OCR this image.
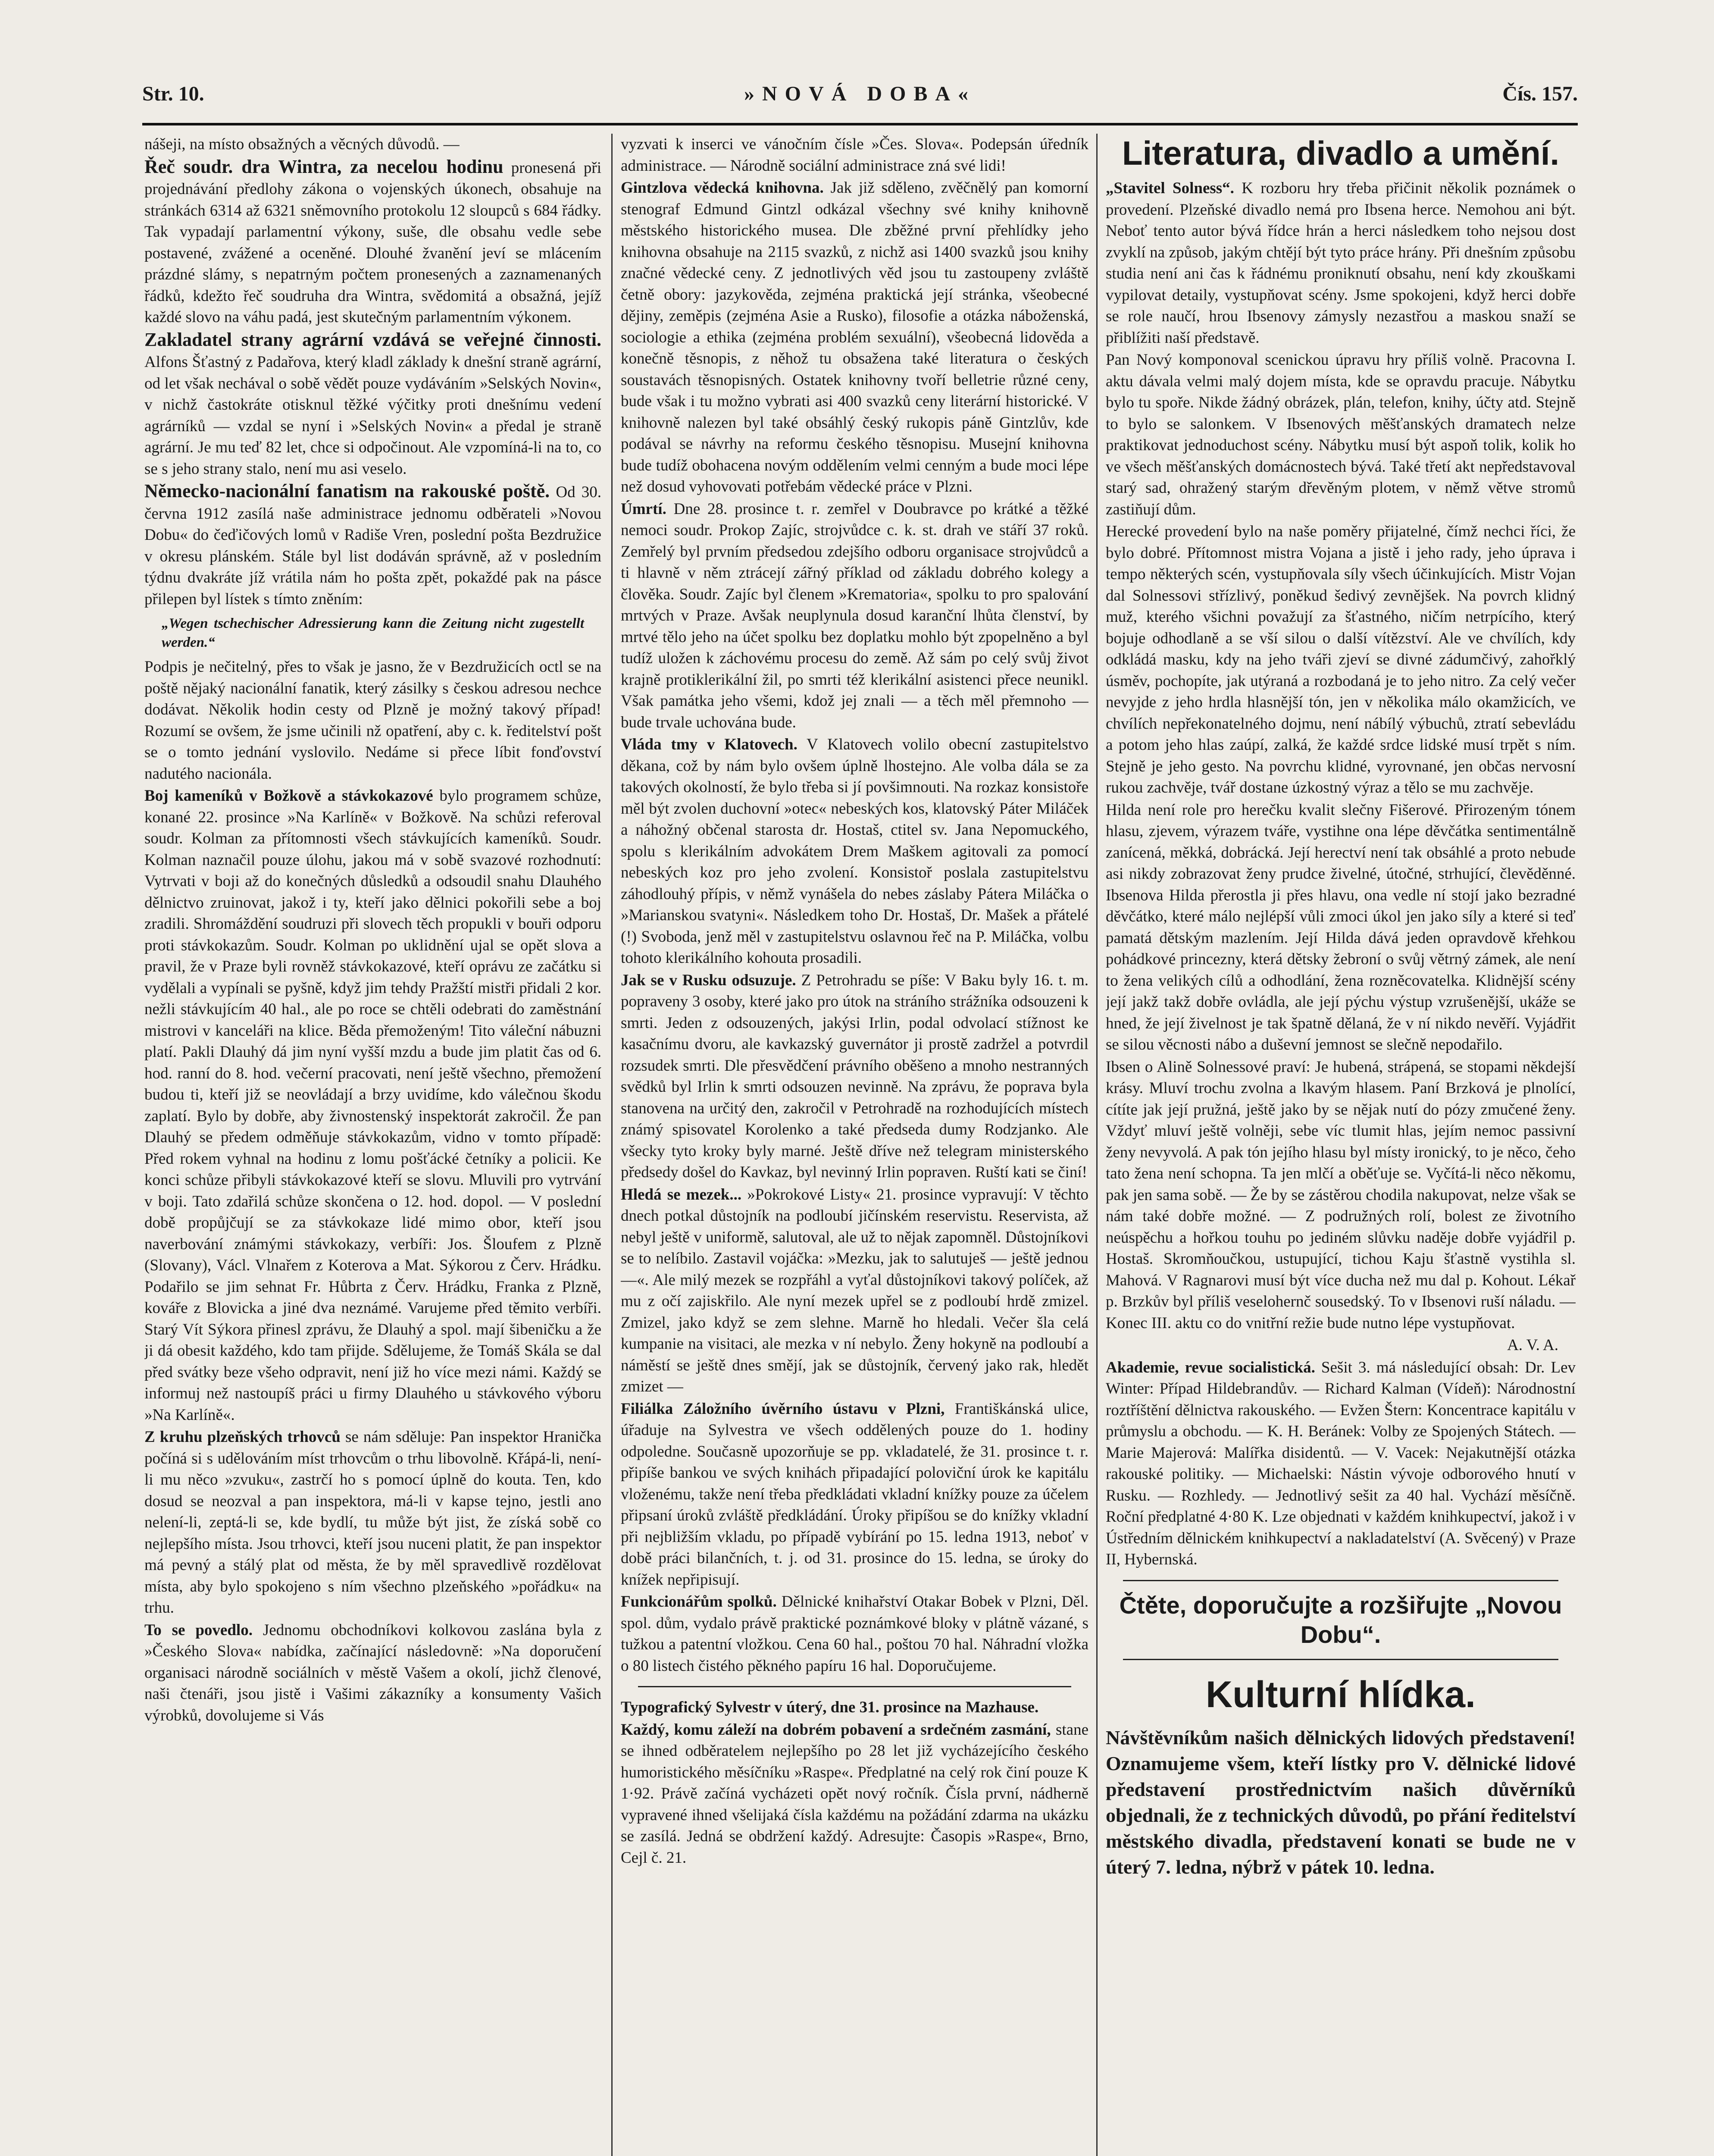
Str. 10.	»NOVÁ DOBA«	Čís. 157.

nášeji, na místo obsažných a věcných důvodů. —

Řeč soudr. dra Wintra, za necelou hodinu pronesená při projednávání předlohy zákona o vojenských úkonech, obsahuje na stránkách 6314 až 6321 sněmovního protokolu 12 sloupců s 684 řádky. Tak vypadají parlamentní výkony, suše, dle obsahu vedle sebe postavené, zvážené a oceněné. Dlouhé žvanění jeví se mlácením prázdné slámy, s nepatrným počtem pronesených a zaznamenaných řádků, kdežto řeč soudruha dra Wintra, svědomitá a obsažná, jejíž každé slovo na váhu padá, jest skutečným parlamentním výkonem.

Zakladatel strany agrární vzdává se veřejné činnosti. Alfons Šťastný z Padařova, který kladl základy k dnešní straně agrární, od let však nechával o sobě vědět pouze vydáváním »Selských Novin«, v nichž častokráte otisknul těžké výčitky proti dnešnímu vedení agrárníků — vzdal se nyní i »Selských Novin« a předal je straně agrární. Je mu teď 82 let, chce si odpočinout. Ale vzpomíná-li na to, co se s jeho strany stalo, není mu asi veselo.

Německo-nacionální fanatism na rakouské poště. Od 30. června 1912 zasílá naše administrace jednomu odběrateli »Novou Dobu« do čeďičových lomů v Radiše Vren, poslední pošta Bezdružice v okresu plánském. Stále byl list dodáván správně, až v posledním týdnu dvakráte jíž vrátila nám ho pošta zpět, pokaždé pak na pásce přilepen byl lístek s tímto zněním:

„Wegen tschechischer Adressierung kann die Zeitung nicht zugestellt werden.“

Podpis je nečitelný, přes to však je jasno, že v Bezdružicích octl se na poště nějaký nacionální fanatik, který zásilky s českou adresou nechce dodávat. Několik hodin cesty od Plzně je možný takový případ! Rozumí se ovšem, že jsme učinili nž opatření, aby c. k. ředitelství pošt se o tomto jednání vyslovilo. Nedáme si přece líbit fonďovství nadutého nacionála.

Boj kameníků v Božkově a stávkokazové bylo programem schůze, konané 22. prosince »Na Karlíně« v Božkově. Na schůzi referoval soudr. Kolman za přítomnosti všech stávkujících kameníků. Soudr. Kolman naznačil pouze úlohu, jakou má v sobě svazové rozhodnutí: Vytrvati v boji až do konečných důsledků a odsoudil snahu Dlauhého dělnictvo zruinovat, jakož i ty, kteří jako dělnici pokořili sebe a boj zradili. Shromáždění soudruzi při slovech těch propukli v bouři odporu proti stávkokazům. Soudr. Kolman po uklidnění ujal se opět slova a pravil, že v Praze byli rovněž stávkokazové, kteří oprávu ze začátku si vydělali a vypínali se pyšně, když jim tehdy Pražští mistři přidali 2 kor. nežli stávkujícím 40 hal., ale po roce se chtěli odebrati do zaměstnání mistrovi v kanceláři na klice. Běda přemoženým! Tito váleční nábuzni platí. Pakli Dlauhý dá jim nyní vyšší mzdu a bude jim platit čas od 6. hod. ranní do 8. hod. večerní pracovati, není ještě všechno, přemožení budou ti, kteří již se neovládají a brzy uvidíme, kdo válečnou škodu zaplatí. Bylo by dobře, aby živnostenský inspektorát zakročil. Že pan Dlauhý se předem odměňuje stávkokazům, vidno v tomto případě: Před rokem vyhnal na hodinu z lomu pošťácké četníky a policii. Ke konci schůze přibyli stávkokazové kteří se slovu. Mluvili pro vytrvání v boji. Tato zdařilá schůze skončena o 12. hod. dopol. — V poslední době propůjčují se za stávkokaze lidé mimo obor, kteří jsou naverbování známými stávkokazy, verbíři: Jos. Šloufem z Plzně (Slovany), Václ. Vlnařem z Koterova a Mat. Sýkorou z Červ. Hrádku. Podařilo se jim sehnat Fr. Hůbrta z Červ. Hrádku, Franka z Plzně, kováře z Blovicka a jiné dva neznámé. Varujeme před těmito verbíři. Starý Vít Sýkora přinesl zprávu, že Dlauhý a spol. mají šibeničku a že ji dá obesit každého, kdo tam přijde. Sdělujeme, že Tomáš Skála se dal před svátky beze všeho odpravit, není již ho více mezi námi. Každý se informuj než nastoupíš práci u firmy Dlauhého u stávkového výboru »Na Karlíně«.

Z kruhu plzeňských trhovců se nám sděluje: Pan inspektor Hranička počíná si s udělováním míst trhovcům o trhu libovolně. Křápá-li, není-li mu něco »zvuku«, zastrčí ho s pomocí úplně do kouta. Ten, kdo dosud se neozval a pan inspektora, má-li v kapse tejno, jestli ano nelení-li, zeptá-li se, kde bydlí, tu může být jist, že získá sobě co nejlepšího místa. Jsou trhovci, kteří jsou nuceni platit, že pan inspektor má pevný a stálý plat od města, že by měl spravedlivě rozdělovat místa, aby bylo spokojeno s ním všechno plzeňského »pořádku« na trhu.

To se povedlo. Jednomu obchodníkovi kolkovou zaslána byla z »Českého Slova« nabídka, začínající následovně: »Na doporučení organisaci národně sociálních v městě Vašem a okolí, jichž členové, naši čtenáři, jsou jistě i Vašimi zákazníky a konsumenty Vašich výrobků, dovolujeme si Vás

vyzvati k inserci ve vánočním čísle »Čes. Slova«. Podepsán úředník administrace. — Národně sociální administrace zná své lidi!

Gintzlova vědecká knihovna. Jak již sděleno, zvěčnělý pan komorní stenograf Edmund Gintzl odkázal všechny své knihy knihovně městského historického musea. Dle zběžné první přehlídky jeho knihovna obsahuje na 2115 svazků, z nichž asi 1400 svazků jsou knihy značné vědecké ceny. Z jednotlivých věd jsou tu zastoupeny zvláště četně obory: jazykověda, zejména praktická její stránka, všeobecné dějiny, zeměpis (zejména Asie a Rusko), filosofie a otázka náboženská, sociologie a ethika (zejména problém sexuální), všeobecná lidověda a konečně těsnopis, z něhož tu obsažena také literatura o českých soustavách těsnopisných. Ostatek knihovny tvoří belletrie různé ceny, bude však i tu možno vybrati asi 400 svazků ceny literární historické. V knihovně nalezen byl také obsáhlý český rukopis páně Gintzlův, kde podával se návrhy na reformu českého těsnopisu. Musejní knihovna bude tudíž obohacena novým oddělením velmi cenným a bude moci lépe než dosud vyhovovati potřebám vědecké práce v Plzni.

Úmrtí. Dne 28. prosince t. r. zemřel v Doubravce po krátké a těžké nemoci soudr. Prokop Zajíc, strojvůdce c. k. st. drah ve stáří 37 roků. Zemřelý byl prvním předsedou zdejšího odboru organisace strojvůdců a ti hlavně v něm ztrácejí zářný příklad od základu dobrého kolegy a člověka. Soudr. Zajíc byl členem »Krematoria«, spolku to pro spalování mrtvých v Praze. Avšak neuplynula dosud karanční lhůta členství, by mrtvé tělo jeho na účet spolku bez doplatku mohlo být zpopelněno a byl tudíž uložen k záchovému procesu do země. Až sám po celý svůj život krajně protiklerikální žil, po smrti též klerikální asistenci přece neunikl. Však památka jeho všemi, kdož jej znali — a těch měl přemnoho — bude trvale uchována bude.

Vláda tmy v Klatovech. V Klatovech volilo obecní zastupitelstvo děkana, což by nám bylo ovšem úplně lhostejno. Ale volba dála se za takových okolností, že bylo třeba si jí povšimnouti. Na rozkaz konsistoře měl být zvolen duchovní »otec« nebeských kos, klatovský Páter Miláček a náhožný občenal starosta dr. Hostaš, ctitel sv. Jana Nepomuckého, spolu s klerikálním advokátem Drem Maškem agitovali za pomocí nebeských koz pro jeho zvolení. Konsistoř poslala zastupitelstvu záhodlouhý přípis, v němž vynášela do nebes záslaby Pátera Miláčka o »Marianskou svatyni«. Následkem toho Dr. Hostaš, Dr. Mašek a přátelé (!) Svoboda, jenž měl v zastupitelstvu oslavnou řeč na P. Miláčka, volbu tohoto klerikálního kohouta prosadili.

Jak se v Rusku odsuzuje. Z Petrohradu se píše: V Baku byly 16. t. m. popraveny 3 osoby, které jako pro útok na stráního strážníka odsouzeni k smrti. Jeden z odsouzených, jakýsi Irlin, podal odvolací stížnost ke kasačnímu dvoru, ale kavkazský guvernátor ji prostě zadržel a potvrdil rozsudek smrti. Dle přesvědčení právního oběšeno a mnoho nestranných svědků byl Irlin k smrti odsouzen nevinně. Na zprávu, že poprava byla stanovena na určitý den, zakročil v Petrohradě na rozhodujících místech známý spisovatel Korolenko a také předseda dumy Rodzjanko. Ale všecky tyto kroky byly marné. Ještě dříve než telegram ministerského předsedy došel do Kavkaz, byl nevinný Irlin popraven. Ruští kati se činí!

Hledá se mezek... »Pokrokové Listy« 21. prosince vypravují: V těchto dnech potkal důstojník na podloubí jičínském reservistu. Reservista, až nebyl ještě v uniformě, salutoval, ale už to nějak zapomněl. Důstojníkovi se to nelíbilo. Zastavil vojáčka: »Mezku, jak to salutuješ — ještě jednou —«. Ale milý mezek se rozpřáhl a vyťal důstojníkovi takový políček, až mu z očí zajiskřilo. Ale nyní mezek upřel se z podloubí hrdě zmizel. Zmizel, jako když se zem slehne. Marně ho hledali. Večer šla celá kumpanie na visitaci, ale mezka v ní nebylo. Ženy hokyně na podloubí a náměstí se ještě dnes smějí, jak se důstojník, červený jako rak, hledět zmizet —

Filiálka Záložního úvěrního ústavu v Plzni, Františkánská ulice, úřaduje na Sylvestra ve všech oddělených pouze do 1. hodiny odpoledne. Současně upozorňuje se pp. vkladatelé, že 31. prosince t. r. připíše bankou ve svých knihách připadající poloviční úrok ke kapitálu vloženému, takže není třeba předkládati vkladní knížky pouze za účelem připsaní úroků zvláště předkládání. Úroky připíšou se do knížky vkladní při nejbližším vkladu, po případě vybírání po 15. ledna 1913, neboť v době práci bilančních, t. j. od 31. prosince do 15. ledna, se úroky do knížek nepřipisují.

Funkcionářům spolků. Dělnické knihařství Otakar Bobek v Plzni, Děl. spol. dům, vydalo právě praktické poznámkové bloky v plátně vázané, s tužkou a patentní vložkou. Cena 60 hal., poštou 70 hal. Náhradní vložka o 80 listech čistého pěkného papíru 16 hal. Doporučujeme.

Typografický Sylvestr v úterý, dne 31. prosince na Mazhause.

Každý, komu záleží na dobrém pobavení a srdečném zasmání, stane se ihned odběratelem nejlepšího po 28 let již vycházejícího českého humoristického měsíčníku »Raspe«. Předplatné na celý rok činí pouze K 1·92. Právě začíná vycházeti opět nový ročník. Čísla první, nádherně vypravené ihned všelijaká čísla každému na požádání zdarma na ukázku se zasílá. Jedná se obdržení každý. Adresujte: Časopis »Raspe«, Brno, Cejl č. 21.

Literatura, divadlo a umění.

„Stavitel Solness“. K rozboru hry třeba přičinit několik poznámek o provedení. Plzeňské divadlo nemá pro Ibsena herce. Nemohou ani být. Neboť tento autor bývá řídce hrán a herci následkem toho nejsou dost zvyklí na způsob, jakým chtějí být tyto práce hrány. Při dnešním způsobu studia není ani čas k řádnému proniknutí obsahu, není kdy zkouškami vypilovat detaily, vystupňovat scény. Jsme spokojeni, když herci dobře se role naučí, hrou Ibsenovy zámysly nezastřou a maskou snaží se přiblížiti naší představě.

Pan Nový komponoval scenickou úpravu hry příliš volně. Pracovna I. aktu dávala velmi malý dojem místa, kde se opravdu pracuje. Nábytku bylo tu spoře. Nikde žádný obrázek, plán, telefon, knihy, účty atd. Stejně to bylo se salonkem. V Ibsenových měšťanských dramatech nelze praktikovat jednoduchost scény. Nábytku musí být aspoň tolik, kolik ho ve všech měšťanských domácnostech bývá. Také třetí akt nepředstavoval starý sad, ohražený starým dřevěným plotem, v němž větve stromů zastiňují dům.

Herecké provedení bylo na naše poměry přijatelné, čímž nechci říci, že bylo dobré. Přítomnost mistra Vojana a jistě i jeho rady, jeho úprava i tempo některých scén, vystupňovala síly všech účinkujících. Mistr Vojan dal Solnessovi střízlivý, poněkud šedivý zevnějšek. Na povrch klidný muž, kterého všichni považují za šťastného, ničím netrpícího, který bojuje odhodlaně a se vší silou o další vítězství. Ale ve chvílích, kdy odkládá masku, kdy na jeho tváři zjeví se divné zádumčivý, zahořklý úsměv, pochopíte, jak utýraná a rozbodaná je to jeho nitro. Za celý večer nevyjde z jeho hrdla hlasnější tón, jen v několika málo okamžicích, ve chvílích nepřekonatelného dojmu, není nábílý výbuchů, ztratí sebevládu a potom jeho hlas zaúpí, zalká, že každé srdce lidské musí trpět s ním. Stejně je jeho gesto. Na povrchu klidné, vyrovnané, jen občas nervosní rukou zachvěje, tvář dostane úzkostný výraz a tělo se mu zachvěje.

Hilda není role pro herečku kvalit slečny Fišerové. Přirozeným tónem hlasu, zjevem, výrazem tváře, vystihne ona lépe děvčátka sentimentálně zanícená, měkká, dobrácká. Její herectví není tak obsáhlé a proto nebude asi nikdy zobrazovat ženy prudce živelné, útočné, strhující, člevěděnné. Ibsenova Hilda přerostla ji přes hlavu, ona vedle ní stojí jako bezradné děvčátko, které málo nejlépší vůli zmoci úkol jen jako síly a které si teď pamatá dětským mazlením. Její Hilda dává jeden opravdově křehkou pohádkové princezny, která dětsky žebroní o svůj větrný zámek, ale není to žena velikých cílů a odhodlání, žena rozněcovatelka. Klidnější scény její jakž takž dobře ovládla, ale její pýchu výstup vzrušenější, ukáže se hned, že její živelnost je tak špatně dělaná, že v ní nikdo nevěří. Vyjádřit se silou věcnosti nábo a duševní jemnost se slečně nepodařilo.

Ibsen o Alině Solnessové praví: Je hubená, strápená, se stopami někdejší krásy. Mluví trochu zvolna a lkavým hlasem. Paní Brzková je plnolící, cítíte jak její pružná, ještě jako by se nějak nutí do pózy zmučené ženy. Vždyť mluví ještě volněji, sebe víc tlumit hlas, jejím nemoc passivní ženy nevyvolá. A pak tón jejího hlasu byl místy ironický, to je něco, čeho tato žena není schopna. Ta jen mlčí a oběťuje se. Vyčítá-li něco někomu, pak jen sama sobě. — Že by se zástěrou chodila nakupovat, nelze však se nám také dobře možné. — Z podružných rolí, bolest ze životního neúspěchu a hořkou touhu po jediném slůvku naděje dobře vyjádřil p. Hostaš. Skromňoučkou, ustupující, tichou Kaju šťastně vystihla sl. Mahová. V Ragnarovi musí být více ducha než mu dal p. Kohout. Lékař p. Brzkův byl příliš veselohernč sousedský. To v Ibsenovi ruší náladu. — Konec III. aktu co do vnitřní režie bude nutno lépe vystupňovat.

A. V. A.

Akademie, revue socialistická. Sešit 3. má následující obsah: Dr. Lev Winter: Případ Hildebrandův. — Richard Kalman (Vídeň): Národnostní roztříštění dělnictva rakouského. — Evžen Štern: Koncentrace kapitálu v průmyslu a obchodu. — K. H. Beránek: Volby ze Spojených Státech. — Marie Majerová: Malířka disidentů. — V. Vacek: Nejakutnější otázka rakouské politiky. — Michaelski: Nástin vývoje odborového hnutí v Rusku. — Rozhledy. — Jednotlivý sešit za 40 hal. Vychází měsíčně. Roční předplatné 4·80 K. Lze objednati v každém knihkupectví, jakož i v Ústředním dělnickém knihkupectví a nakladatelství (A. Svěcený) v Praze II, Hybernská.

Čtěte, doporučujte a rozšiřujte „Novou Dobu“.
Kulturní hlídka.

Návštěvníkům našich dělnických lidových představení! Oznamujeme všem, kteří lístky pro V. dělnické lidové představení prostřednictvím našich důvěrníků objednali, že z technických důvodů, po přání ředitelství městského divadla, představení konati se bude ne v úterý 7. ledna, nýbrž v pátek 10. ledna.
